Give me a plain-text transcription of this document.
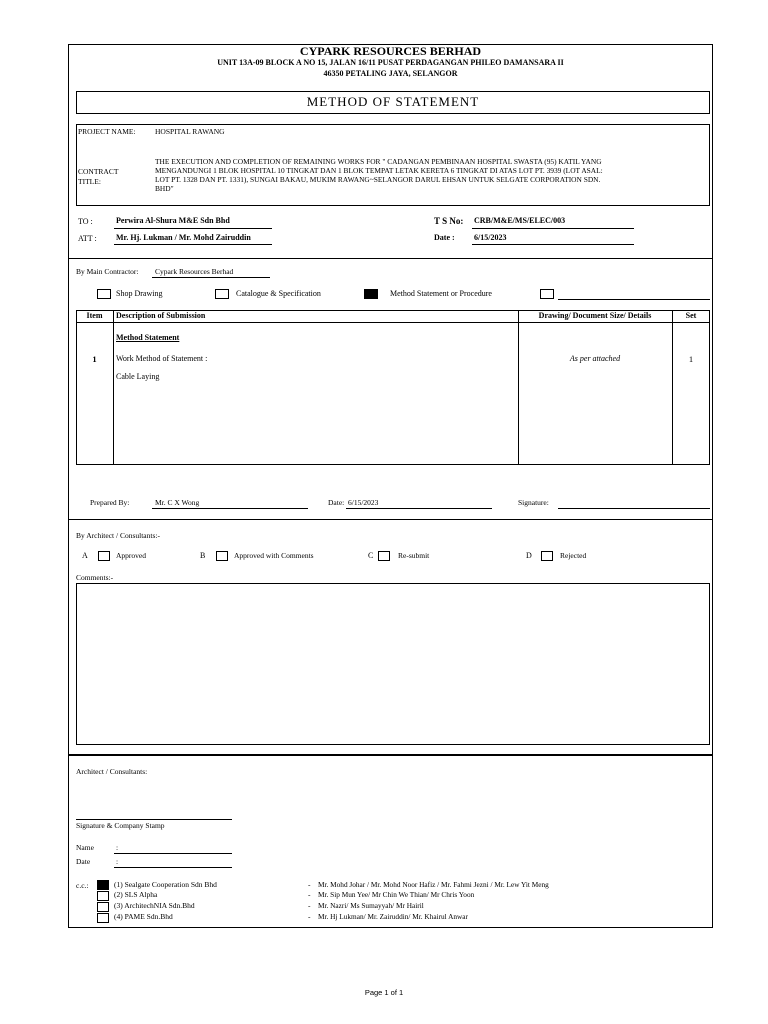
CYPARK RESOURCES BERHAD
UNIT 13A-09 BLOCK A NO 15, JALAN 16/11 PUSAT PERDAGANGAN PHILEO DAMANSARA II
46350 PETALING JAYA, SELANGOR
METHOD OF STATEMENT
PROJECT NAME:	HOSPITAL RAWANG
CONTRACT
TITLE:
THE EXECUTION AND COMPLETION OF REMAINING WORKS FOR " CADANGAN PEMBINAAN HOSPITAL SWASTA (95) KATIL YANG
MENGANDUNGI 1 BLOK HOSPITAL 10 TINGKAT DAN 1 BLOK TEMPAT LETAK KERETA 6 TINGKAT DI ATAS LOT PT. 3939 (LOT ASAL:
LOT PT. 1328 DAN PT. 1331), SUNGAI BAKAU, MUKIM RAWANG~SELANGOR DARUL EHSAN UNTUK SELGATE CORPORATION SDN.
BHD"
TO :	Perwira Al-Shura M&E Sdn Bhd
ATT : Mr. Hj. Lukman / Mr. Mohd Zairuddin
T S No: CRB/M&E/MS/ELEC/003
Date : 6/15/2023
By Main Contractor: Cypark Resources Berhad
Shop Drawing	Catalogue & Specification	Method Statement or Procedure
Item	Description of Submission	Drawing/ Document Size/ Details	Set
Method Statement
1	Work Method of Statement :
Cable Laying
As per attached	1
Prepared By:	Mr. C X Wong	Date: 6/15/2023	Signature:
By Architect / Consultants:-
A	Approved	B	Approved with Comments	C	Re-submit	D	Rejected
Comments:-
Architect / Consultants:
Signature & Company Stamp
Name	:
Date	:
c.c.:	(1) Sealgate Cooperation Sdn Bhd	- Mr. Mohd Johar / Mr. Mohd Noor Hafiz / Mr. Fahmi Jezni / Mr. Lew Yit Meng
(2) SLS Alpha	- Mr. Sip Mun Yee/ Mr Chin We Thian/ Mr Chris Yoon
(3) ArchitechNIA Sdn.Bhd	- Mr. Nazri/ Ms Sumayyah/ Mr Hairil
(4) PAME Sdn.Bhd	- Mr. Hj Lukman/ Mr. Zairuddin/ Mr. Khairul Anwar
Page 1 of 1
